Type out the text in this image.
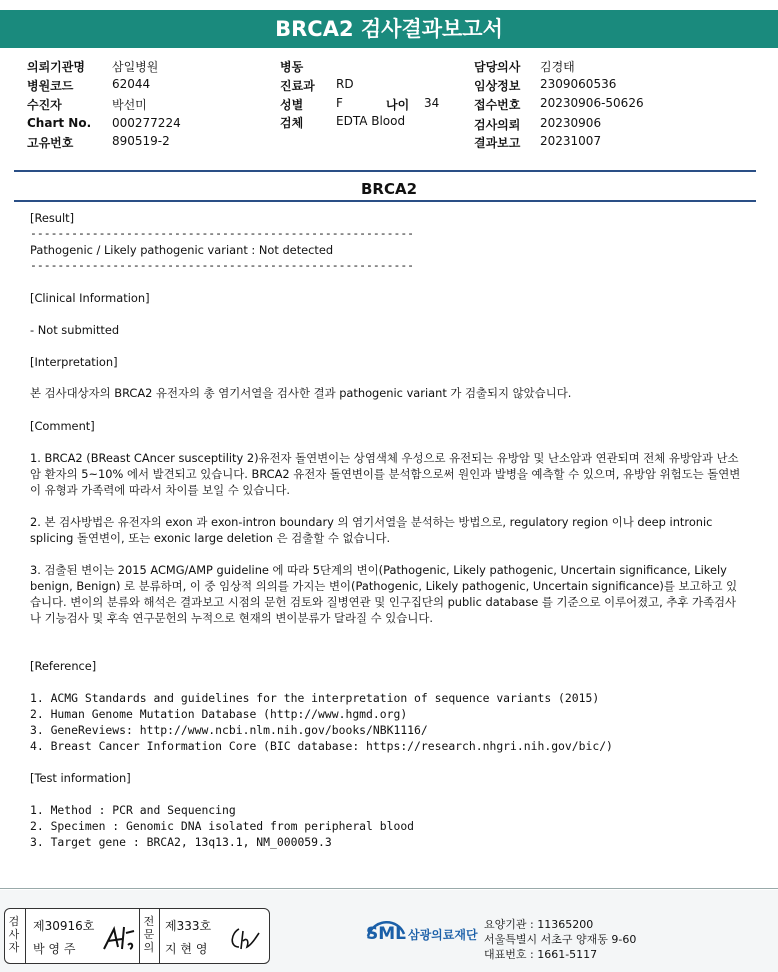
BRCA2 검사결과보고서
의뢰기관명 삼일병원
병원코드	62044
수진자	박선미
Chart No. 000277224
고유번호	890519-2
병동
진료과 RD
성별	F	나이 34
검체	EDTA Blood
담당의사 김경태
임상정보 2309060536
접수번호 20230906-50626
검사의뢰 20230906
결과보고 20231007
BRCA2
[Result]
--------------------------------------------------------
Pathogenic / Likely pathogenic variant : Not detected
--------------------------------------------------------
[Clinical Information]
- Not submitted
[Interpretation]
본 검사대상자의 BRCA2 유전자의 총 염기서열을 검사한 결과 pathogenic variant 가 검출되지 않았습니다.
[Comment]
1. BRCA2 (BReast CAncer susceptility 2)유전자 돌연변이는 상염색체 우성으로 유전되는 유방암 및 난소암과 연관되며 전체 유방암과 난소암 환자의 5~10% 에서 발견되고 있습니다. BRCA2 유전자 돌연변이를 분석함으로써 원인과 발병을 예측할 수 있으며, 유방암 위험도는 돌연변이 유형과 가족력에 따라서 차이를 보일 수 있습니다.
2. 본 검사방법은 유전자의 exon 과 exon-intron boundary 의 염기서열을 분석하는 방법으로, regulatory region 이나 deep intronic splicing 돌연변이, 또는 exonic large deletion 은 검출할 수 없습니다.
3. 검출된 변이는 2015 ACMG/AMP guideline 에 따라 5단계의 변이(Pathogenic, Likely pathogenic, Uncertain significance, Likely benign, Benign) 로 분류하며, 이 중 임상적 의의를 가지는 변이(Pathogenic, Likely pathogenic, Uncertain significance)를 보고하고 있습니다. 변이의 분류와 해석은 결과보고 시점의 문헌 검토와 질병연관 및 인구집단의 public database 를 기준으로 이루어졌고, 추후 가족검사나 기능검사 및 후속 연구문헌의 누적으로 현재의 변이분류가 달라질 수 있습니다.
[Reference]
1. ACMG Standards and guidelines for the interpretation of sequence variants (2015)
2. Human Genome Mutation Database (http://www.hgmd.org)
3. GeneReviews: http://www.ncbi.nlm.nih.gov/books/NBK1116/
4. Breast Cancer Information Core (BIC database: https://research.nhgri.nih.gov/bic/)
[Test information]
1. Method : PCR and Sequencing
2. Specimen : Genomic DNA isolated from peripheral blood
3. Target gene : BRCA2, 13q13.1, NM_000059.3
검사자
제30916호
박 영 주
전문의
제333호
지 현 영
SML 삼광의료재단
요양기관 : 11365200
서울특별시 서초구 양재동 9-60
대표번호 : 1661-5117
